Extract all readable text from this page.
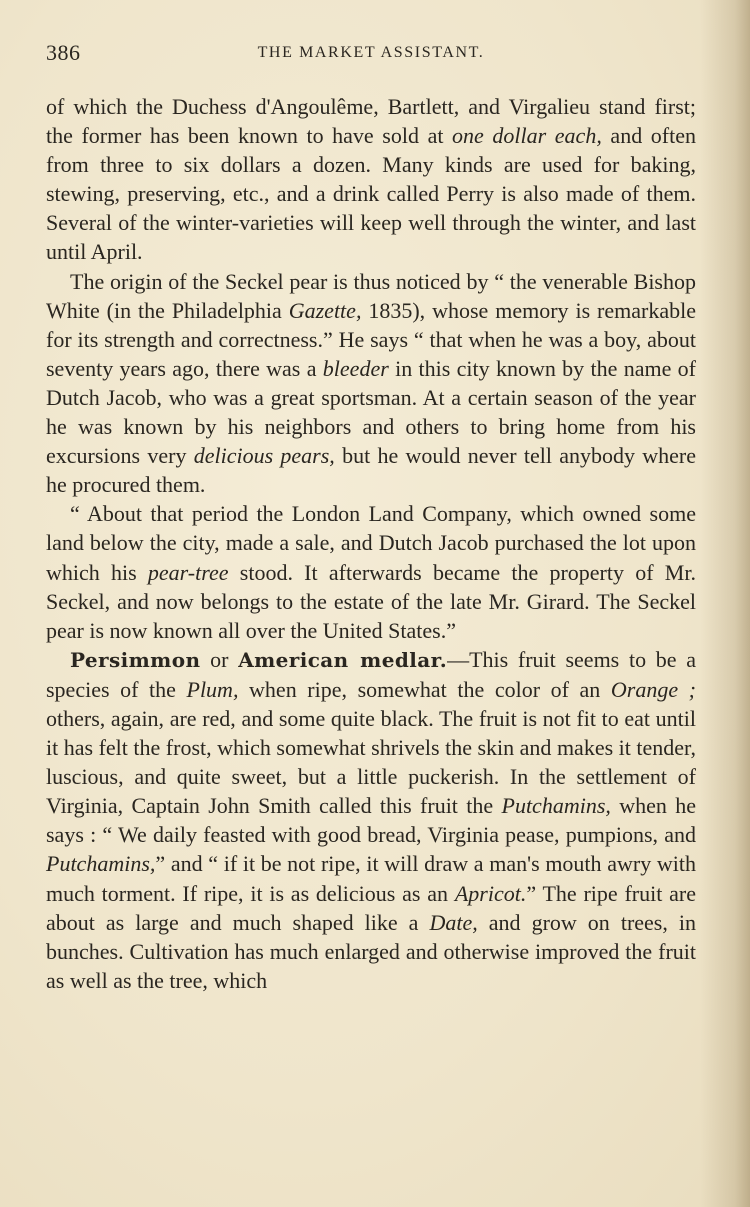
386	THE MARKET ASSISTANT.

of which the Duchess d'Angoulême, Bartlett, and Virgalieu stand first; the former has been known to have sold at one dollar each, and often from three to six dollars a dozen. Many kinds are used for baking, stewing, preserving, etc., and a drink called Perry is also made of them. Several of the winter-varieties will keep well through the winter, and last until April.

The origin of the Seckel pear is thus noticed by “ the venerable Bishop White (in the Philadelphia Gazette, 1835), whose memory is remarkable for its strength and correctness.” He says “ that when he was a boy, about seventy years ago, there was a bleeder in this city known by the name of Dutch Jacob, who was a great sportsman. At a certain season of the year he was known by his neighbors and others to bring home from his excursions very delicious pears, but he would never tell anybody where he procured them.

“ About that period the London Land Company, which owned some land below the city, made a sale, and Dutch Jacob purchased the lot upon which his pear-tree stood. It afterwards became the property of Mr. Seckel, and now belongs to the estate of the late Mr. Girard. The Seckel pear is now known all over the United States.”

Persimmon or American medlar.—This fruit seems to be a species of the Plum, when ripe, somewhat the color of an Orange ; others, again, are red, and some quite black. The fruit is not fit to eat until it has felt the frost, which somewhat shrivels the skin and makes it tender, luscious, and quite sweet, but a little puckerish. In the settlement of Virginia, Captain John Smith called this fruit the Putchamins, when he says : “ We daily feasted with good bread, Virginia pease, pumpions, and Putchamins,” and “ if it be not ripe, it will draw a man's mouth awry with much torment. If ripe, it is as delicious as an Apricot.” The ripe fruit are about as large and much shaped like a Date, and grow on trees, in bunches. Cultivation has much enlarged and otherwise improved the fruit as well as the tree, which
